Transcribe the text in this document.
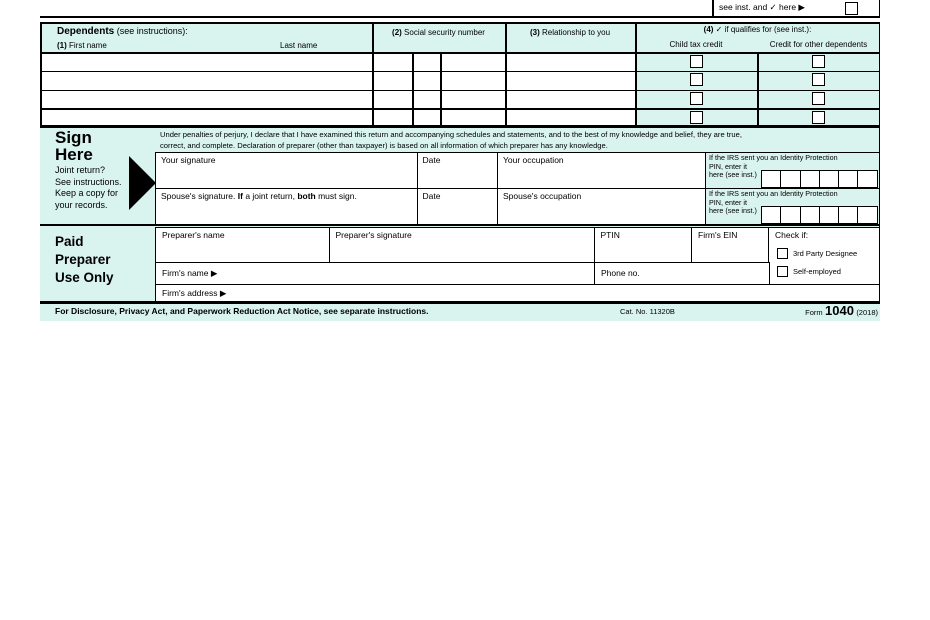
see inst. and ✓ here ▶
Dependents (see instructions):
(1) First name	Last name
(2) Social security number	(3) Relationship to you	(4) ✓ if qualifies for (see inst.):
Child tax credit	Credit for other dependents
Sign
Here
Joint return?
See instructions.
Keep a copy for
your records.
Under penalties of perjury, I declare that I have examined this return and accompanying schedules and statements, and to the best of my knowledge and belief, they are true,
correct, and complete. Declaration of preparer (other than taxpayer) is based on all information of which preparer has any knowledge.
Your signature	Date	Your occupation	If the IRS sent you an Identity Protection
PIN, enter it
here (see inst.)
Spouse's signature. If a joint return, both must sign.	Date	Spouse's occupation	If the IRS sent you an Identity Protection
PIN, enter it
here (see inst.)
Paid
Preparer
Use Only
Preparer's name	Preparer's signature	PTIN	Firm's EIN	Check if:
3rd Party Designee
Self-employed
Firm's name ▶	Phone no.
Firm's address ▶
For Disclosure, Privacy Act, and Paperwork Reduction Act Notice, see separate instructions.	Cat. No. 11320B	Form 1040 (2018)
